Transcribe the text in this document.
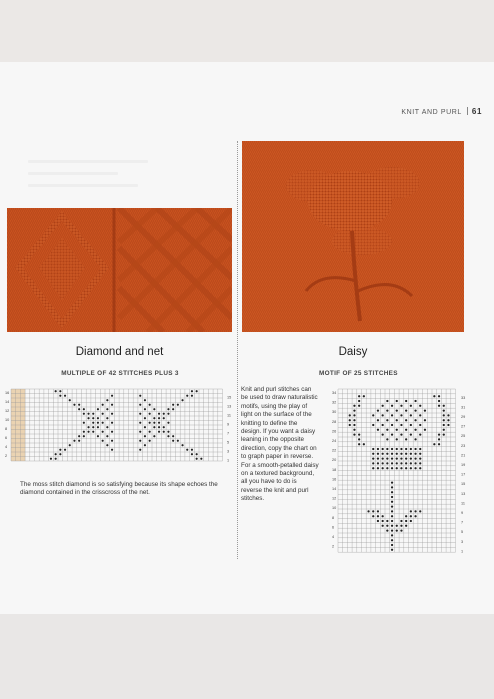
KNIT AND PURL 61
Diamond and net
MULTIPLE OF 42 STITCHES PLUS 3
The moss stitch diamond is so satisfying because its shape echoes the diamond contained in the crisscross of the net.
Daisy
MOTIF OF 25 STITCHES
Knit and purl stitches can be used to draw naturalistic motifs, using the play of light on the surface of the knitting to define the design. If you want a daisy leaning in the opposite direction, copy the chart on to graph paper in reverse. For a smooth-petalled daisy on a textured background, all you have to do is reverse the knit and purl stitches.
16
14
12
10
8
6
4
2
15
13
11
9
7
5
3
1
34
32
30
28
26
24
22
20
18
16
14
12
10
8
6
4
2
33
31
29
27
25
23
21
19
17
15
13
11
9
7
5
3
1
